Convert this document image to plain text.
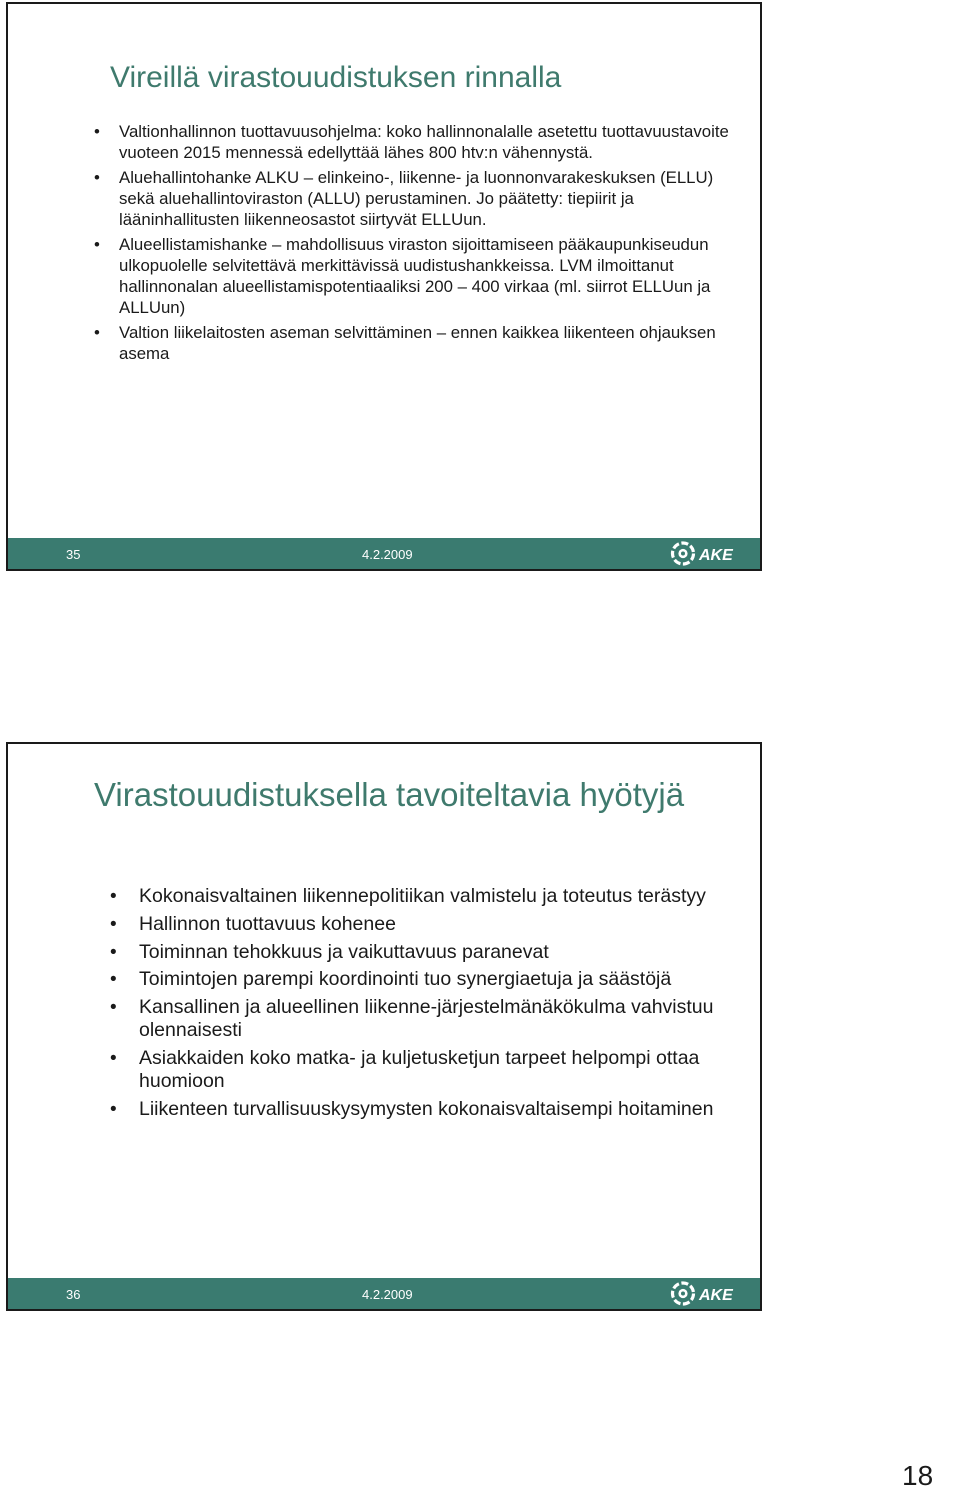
Vireillä virastouudistuksen rinnalla
• Valtionhallinnon tuottavuusohjelma: koko hallinnonalalle asetettu tuottavuustavoite vuoteen 2015 mennessä edellyttää lähes 800 htv:n vähennystä.
• Aluehallintohanke ALKU – elinkeino-, liikenne- ja luonnonvarakeskuksen (ELLU) sekä aluehallintoviraston (ALLU) perustaminen. Jo päätetty: tiepiirit ja lääninhallitusten liikenneosastot siirtyvät ELLUun.
• Alueellistamishanke – mahdollisuus viraston sijoittamiseen pääkaupunkiseudun ulkopuolelle selvitettävä merkittävissä uudistushankkeissa. LVM ilmoittanut hallinnonalan alueellistamispotentiaaliksi 200 – 400 virkaa (ml. siirrot ELLUun ja ALLUun)
• Valtion liikelaitosten aseman selvittäminen – ennen kaikkea liikenteen ohjauksen asema
35	4.2.2009	AKE
Virastouudistuksella tavoiteltavia hyötyjä
• Kokonaisvaltainen liikennepolitiikan valmistelu ja toteutus terästyy
• Hallinnon tuottavuus kohenee
• Toiminnan tehokkuus ja vaikuttavuus paranevat
• Toimintojen parempi koordinointi tuo synergiaetuja ja säästöjä
• Kansallinen ja alueellinen liikenne-järjestelmänäkökulma vahvistuu olennaisesti
• Asiakkaiden koko matka- ja kuljetusketjun tarpeet helpompi ottaa huomioon
• Liikenteen turvallisuuskysymysten kokonaisvaltaisempi hoitaminen
36	4.2.2009	AKE
18
